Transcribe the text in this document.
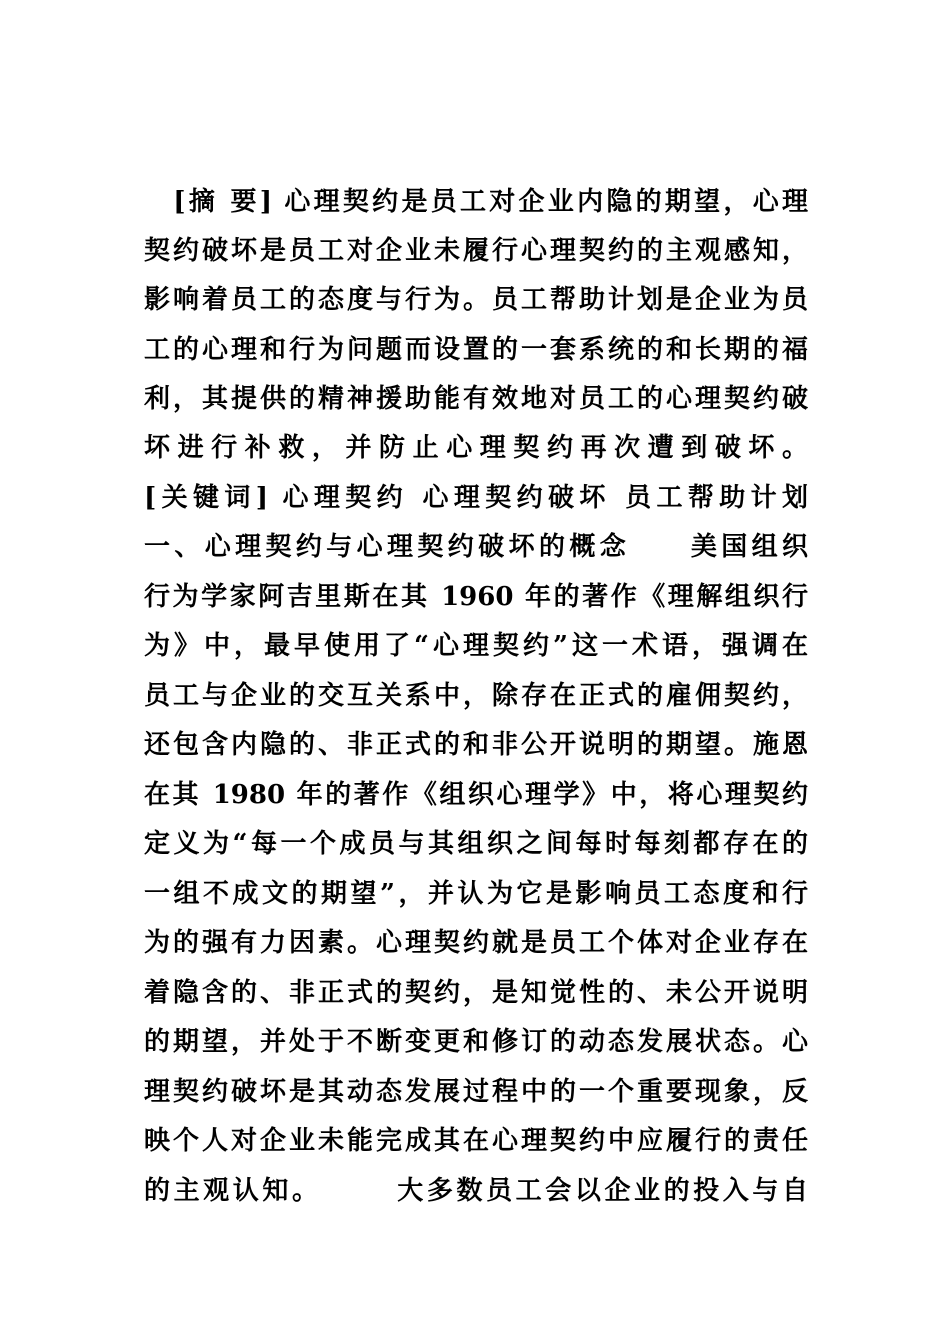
　[摘 要] 心理契约是员工对企业内隐的期望，心理
契约破坏是员工对企业未履行心理契约的主观感知，
影响着员工的态度与行为。员工帮助计划是企业为员
工的心理和行为问题而设置的一套系统的和长期的福
利，其提供的精神援助能有效地对员工的心理契约破
坏进行补救，并防止心理契约再次遭到破坏。
[关键词] 心理契约 心理契约破坏 员工帮助计划
一、心理契约与心理契约破坏的概念　　美国组织
行为学家阿吉里斯在其 1960 年的著作《理解组织行
为》中，最早使用了“心理契约”这一术语，强调在
员工与企业的交互关系中，除存在正式的雇佣契约，
还包含内隐的、非正式的和非公开说明的期望。施恩
在其 1980 年的著作《组织心理学》中，将心理契约
定义为“每一个成员与其组织之间每时每刻都存在的
一组不成文的期望”，并认为它是影响员工态度和行
为的强有力因素。心理契约就是员工个体对企业存在
着隐含的、非正式的契约，是知觉性的、未公开说明
的期望，并处于不断变更和修订的动态发展状态。心
理契约破坏是其动态发展过程中的一个重要现象，反
映个人对企业未能完成其在心理契约中应履行的责任
的主观认知。　　　大多数员工会以企业的投入与自
